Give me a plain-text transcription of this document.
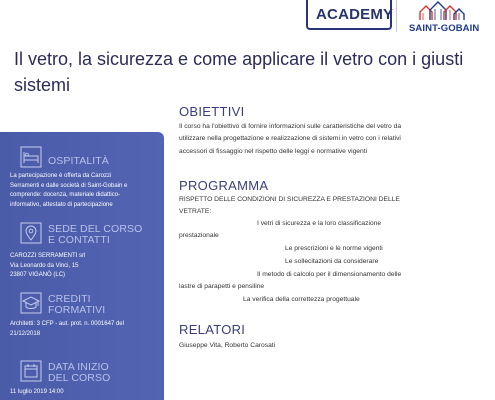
ACADEMY
SAINT-GOBAIN
Il vetro, la sicurezza e come applicare il vetro con i giusti
sistemi
OSPITALITÀ
La partecipazione è offerta da Carozzi
Serramenti e dalle società di Saint-Gobain e
comprende: docenza, materiale didattico-
informativo, attestato di partecipazione
SEDE DEL CORSO
E CONTATTI
CAROZZI SERRAMENTI srl
Via Leonardo da Vinci, 15
23807 VIGANÒ (LC)
CREDITI
FORMATIVI
Architetti: 3 CFP - aut. prot. n. 0001647 del
21/12/2018
DATA INIZIO
DEL CORSO
11 luglio 2019 14:00
OBIETTIVI
Il corso ha l'obiettivo di fornire informazioni sulle caratteristiche del vetro da
utilizzare nella progettazione e realizzazione di sistemi in vetro con i relativi
accessori di fissaggio nel rispetto delle leggi e normative vigenti
PROGRAMMA
RISPETTO DELLE CONDIZIONI DI SICUREZZA E PRESTAZIONI DELLE
VETRATE:
I vetri di sicurezza e la loro classificazione
prestazionale
Le prescrizioni e le norme vigenti
Le sollecitazioni da considerare
Il metodo di calcolo per il dimensionamento delle
lastre di parapetti e pensiline
La verifica della correttezza progettuale
RELATORI
Giuseppe Vita, Roberto Carosati
